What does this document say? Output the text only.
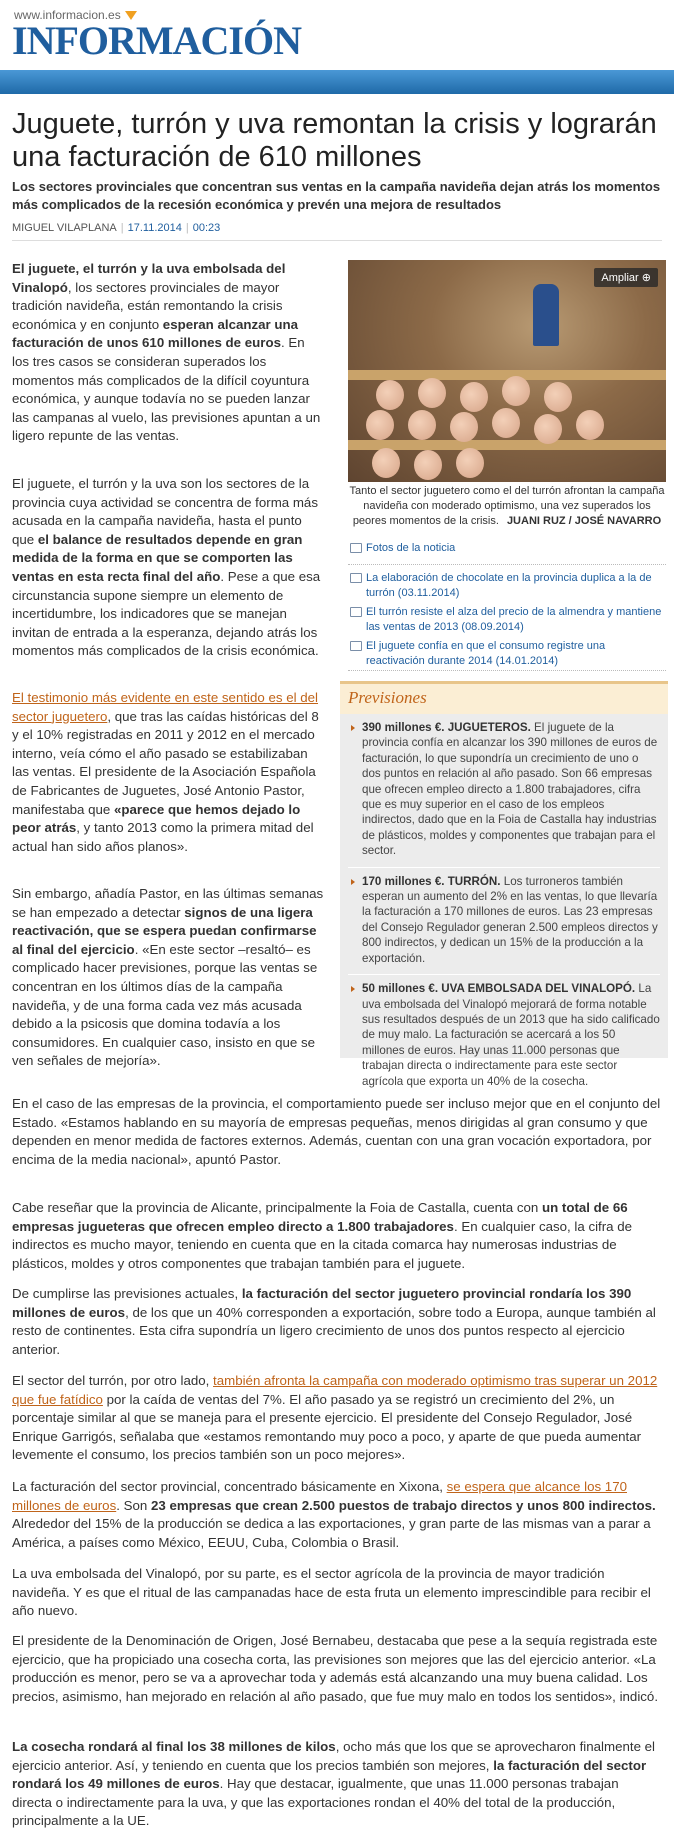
www.informacion.es
INFORMACIÓN
Juguete, turrón y uva remontan la crisis y lograrán una facturación de 610 millones
Los sectores provinciales que concentran sus ventas en la campaña navideña dejan atrás los momentos más complicados de la recesión económica y prevén una mejora de resultados
MIGUEL VILAPLANA | 17.11.2014 | 00:23
Ampliar ⊕
Tanto el sector juguetero como el del turrón afrontan la campaña navideña con moderado optimismo, una vez superados los peores momentos de la crisis. JUANI RUZ / JOSÉ NAVARRO
Fotos de la noticia
La elaboración de chocolate en la provincia duplica a la de turrón (03.11.2014)
El turrón resiste el alza del precio de la almendra y mantiene las ventas de 2013 (08.09.2014)
El juguete confía en que el consumo registre una reactivación durante 2014 (14.01.2014)
Previsiones
390 millones €. JUGUETEROS. El juguete de la provincia confía en alcanzar los 390 millones de euros de facturación, lo que supondría un crecimiento de uno o dos puntos en relación al año pasado. Son 66 empresas que ofrecen empleo directo a 1.800 trabajadores, cifra que es muy superior en el caso de los empleos indirectos, dado que en la Foia de Castalla hay industrias de plásticos, moldes y componentes que trabajan para el sector.
170 millones €. TURRÓN. Los turroneros también esperan un aumento del 2% en las ventas, lo que llevaría la facturación a 170 millones de euros. Las 23 empresas del Consejo Regulador generan 2.500 empleos directos y 800 indirectos, y dedican un 15% de la producción a la exportación.
50 millones €. UVA EMBOLSADA DEL VINALOPÓ. La uva embolsada del Vinalopó mejorará de forma notable sus resultados después de un 2013 que ha sido calificado de muy malo. La facturación se acercará a los 50 millones de euros. Hay unas 11.000 personas que trabajan directa o indirectamente para este sector agrícola que exporta un 40% de la cosecha.

El juguete, el turrón y la uva embolsada del Vinalopó, los sectores provinciales de mayor tradición navideña, están remontando la crisis económica y en conjunto esperan alcanzar una facturación de unos 610 millones de euros. En los tres casos se consideran superados los momentos más complicados de la difícil coyuntura económica, y aunque todavía no se pueden lanzar las campanas al vuelo, las previsiones apuntan a un ligero repunte de las ventas.

El juguete, el turrón y la uva son los sectores de la provincia cuya actividad se concentra de forma más acusada en la campaña navideña, hasta el punto que el balance de resultados depende en gran medida de la forma en que se comporten las ventas en esta recta final del año. Pese a que esa circunstancia supone siempre un elemento de incertidumbre, los indicadores que se manejan invitan de entrada a la esperanza, dejando atrás los momentos más complicados de la crisis económica.

El testimonio más evidente en este sentido es el del sector juguetero, que tras las caídas históricas del 8 y el 10% registradas en 2011 y 2012 en el mercado interno, veía cómo el año pasado se estabilizaban las ventas. El presidente de la Asociación Española de Fabricantes de Juguetes, José Antonio Pastor, manifestaba que «parece que hemos dejado lo peor atrás, y tanto 2013 como la primera mitad del actual han sido años planos».

Sin embargo, añadía Pastor, en las últimas semanas se han empezado a detectar signos de una ligera reactivación, que se espera puedan confirmarse al final del ejercicio. «En este sector –resaltó– es complicado hacer previsiones, porque las ventas se concentran en los últimos días de la campaña navideña, y de una forma cada vez más acusada debido a la psicosis que domina todavía a los consumidores. En cualquier caso, insisto en que se ven señales de mejoría».

En el caso de las empresas de la provincia, el comportamiento puede ser incluso mejor que en el conjunto del Estado. «Estamos hablando en su mayoría de empresas pequeñas, menos dirigidas al gran consumo y que dependen en menor medida de factores externos. Además, cuentan con una gran vocación exportadora, por encima de la media nacional», apuntó Pastor.

Cabe reseñar que la provincia de Alicante, principalmente la Foia de Castalla, cuenta con un total de 66 empresas jugueteras que ofrecen empleo directo a 1.800 trabajadores. En cualquier caso, la cifra de indirectos es mucho mayor, teniendo en cuenta que en la citada comarca hay numerosas industrias de plásticos, moldes y otros componentes que trabajan también para el juguete.

De cumplirse las previsiones actuales, la facturación del sector juguetero provincial rondaría los 390 millones de euros, de los que un 40% corresponden a exportación, sobre todo a Europa, aunque también al resto de continentes. Esta cifra supondría un ligero crecimiento de unos dos puntos respecto al ejercicio anterior.

El sector del turrón, por otro lado, también afronta la campaña con moderado optimismo tras superar un 2012 que fue fatídico por la caída de ventas del 7%. El año pasado ya se registró un crecimiento del 2%, un porcentaje similar al que se maneja para el presente ejercicio. El presidente del Consejo Regulador, José Enrique Garrigós, señalaba que «estamos remontando muy poco a poco, y aparte de que pueda aumentar levemente el consumo, los precios también son un poco mejores».

La facturación del sector provincial, concentrado básicamente en Xixona, se espera que alcance los 170 millones de euros. Son 23 empresas que crean 2.500 puestos de trabajo directos y unos 800 indirectos. Alrededor del 15% de la producción se dedica a las exportaciones, y gran parte de las mismas van a parar a América, a países como México, EEUU, Cuba, Colombia o Brasil.

La uva embolsada del Vinalopó, por su parte, es el sector agrícola de la provincia de mayor tradición navideña. Y es que el ritual de las campanadas hace de esta fruta un elemento imprescindible para recibir el año nuevo.

El presidente de la Denominación de Origen, José Bernabeu, destacaba que pese a la sequía registrada este ejercicio, que ha propiciado una cosecha corta, las previsiones son mejores que las del ejercicio anterior. «La producción es menor, pero se va a aprovechar toda y además está alcanzando una muy buena calidad. Los precios, asimismo, han mejorado en relación al año pasado, que fue muy malo en todos los sentidos», indicó.

La cosecha rondará al final los 38 millones de kilos, ocho más que los que se aprovecharon finalmente el ejercicio anterior. Así, y teniendo en cuenta que los precios también son mejores, la facturación del sector rondará los 49 millones de euros. Hay que destacar, igualmente, que unas 11.000 personas trabajan directa o indirectamente para la uva, y que las exportaciones rondan el 40% del total de la producción, principalmente a la UE.
